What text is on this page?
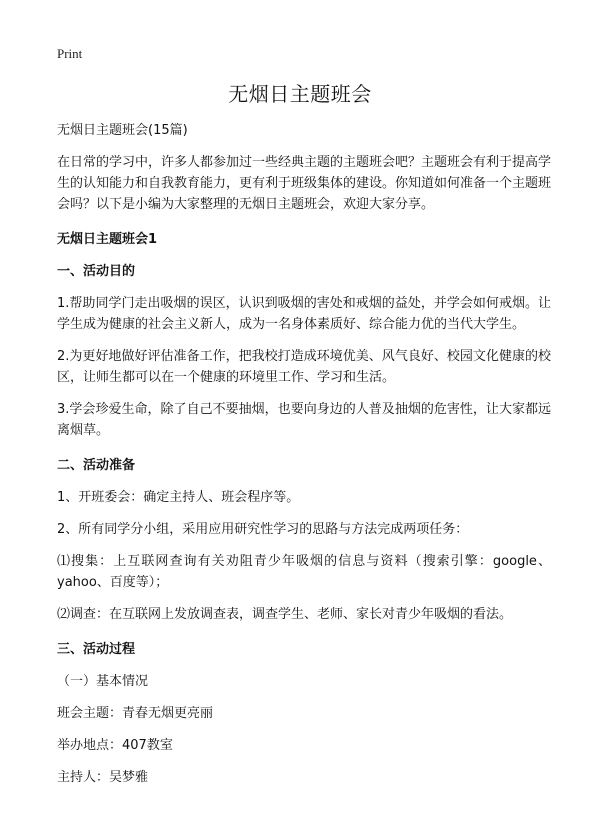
Print
无烟日主题班会

无烟日主题班会(15篇)

在日常的学习中，许多人都参加过一些经典主题的主题班会吧？主题班会有利于提高学生的认知能力和自我教育能力，更有利于班级集体的建设。你知道如何准备一个主题班会吗？以下是小编为大家整理的无烟日主题班会，欢迎大家分享。

无烟日主题班会1

一、活动目的

1.帮助同学门走出吸烟的误区，认识到吸烟的害处和戒烟的益处，并学会如何戒烟。让学生成为健康的社会主义新人，成为一名身体素质好、综合能力优的当代大学生。

2.为更好地做好评估准备工作，把我校打造成环境优美、风气良好、校园文化健康的校区，让师生都可以在一个健康的环境里工作、学习和生活。

3.学会珍爱生命，除了自己不要抽烟，也要向身边的人普及抽烟的危害性，让大家都远离烟草。

二、活动准备

1、开班委会：确定主持人、班会程序等。

2、所有同学分小组，采用应用研究性学习的思路与方法完成两项任务：

⑴搜集：上互联网查询有关劝阻青少年吸烟的信息与资料（搜索引擎：google、yahoo、百度等）；

⑵调查：在互联网上发放调查表，调查学生、老师、家长对青少年吸烟的看法。

三、活动过程

（一）基本情况

班会主题：青春无烟更亮丽

举办地点：407教室

主持人：吴梦雅
